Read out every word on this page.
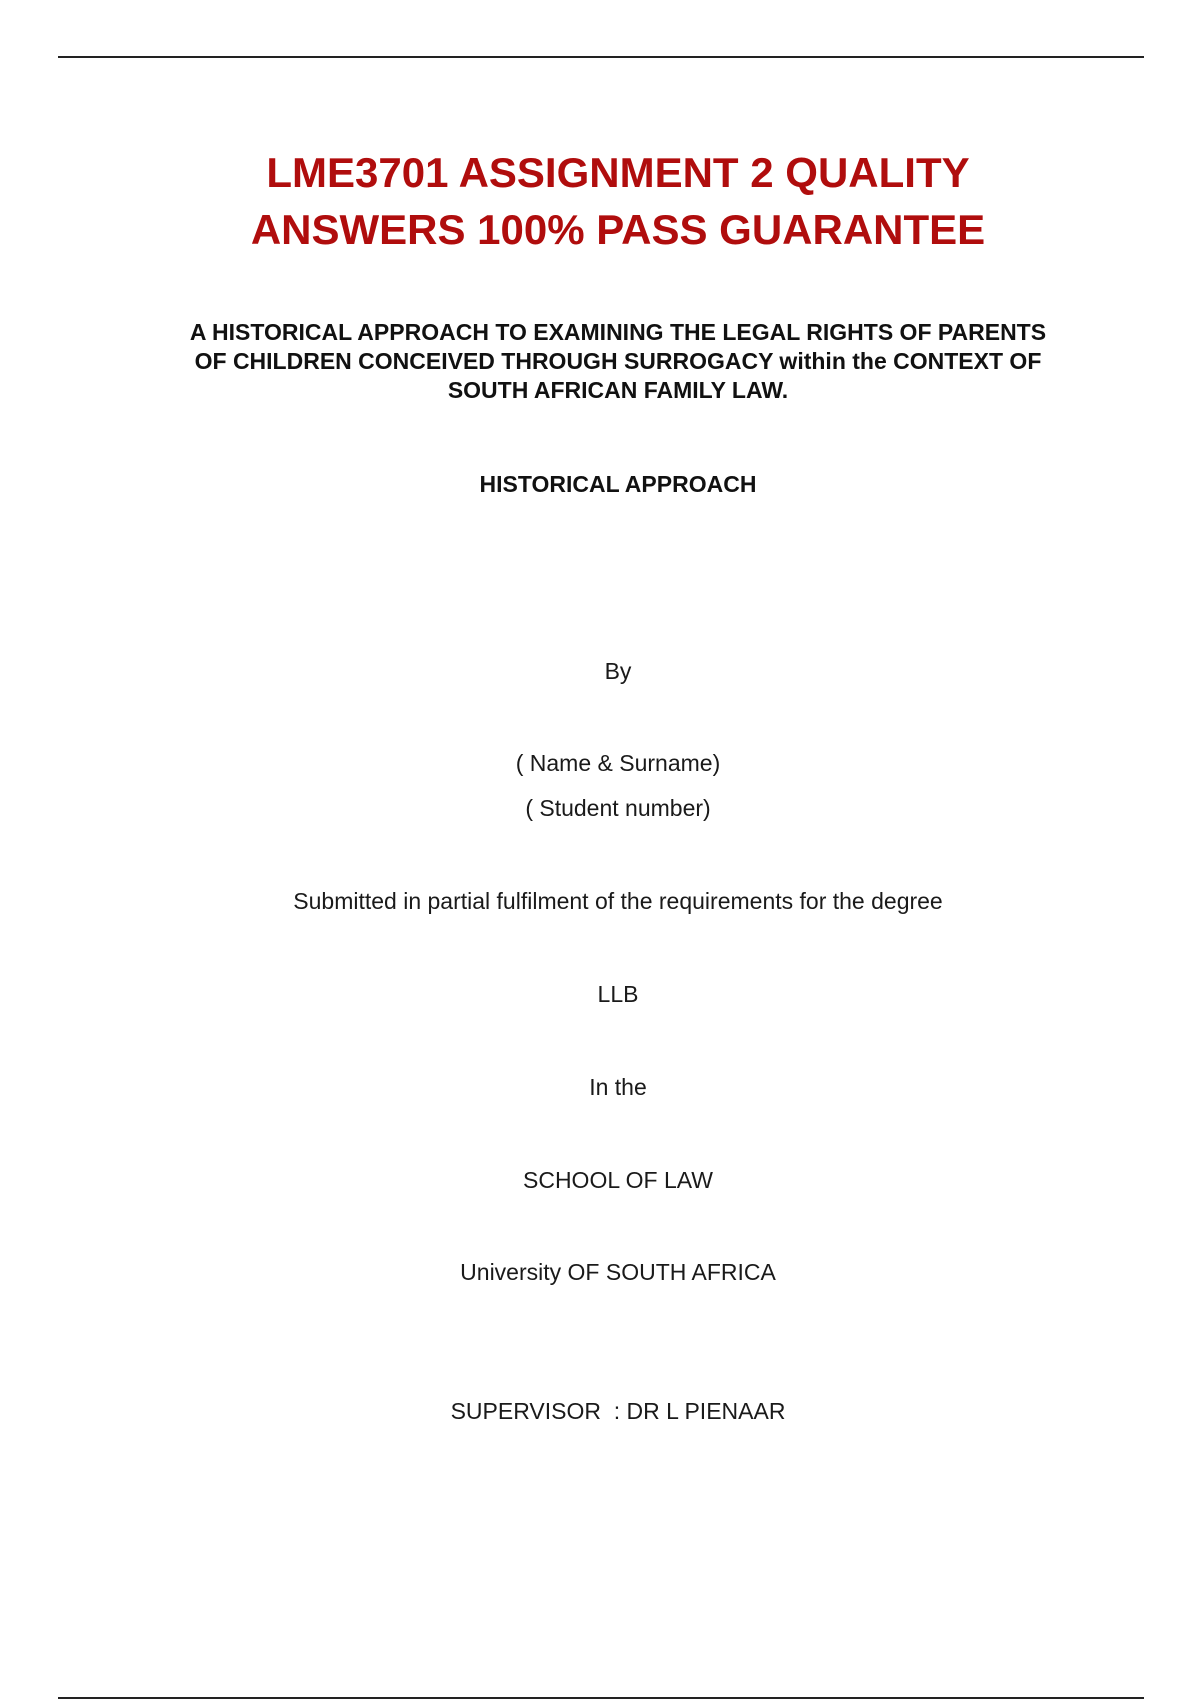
LME3701 ASSIGNMENT 2 QUALITY
ANSWERS 100% PASS GUARANTEE
A HISTORICAL APPROACH TO EXAMINING THE LEGAL RIGHTS OF PARENTS
OF CHILDREN CONCEIVED THROUGH SURROGACY within the CONTEXT OF
SOUTH AFRICAN FAMILY LAW.
HISTORICAL APPROACH

By

( Name & Surname)

( Student number)

Submitted in partial fulfilment of the requirements for the degree

LLB

In the

SCHOOL OF LAW

University OF SOUTH AFRICA

SUPERVISOR  : DR L PIENAAR
